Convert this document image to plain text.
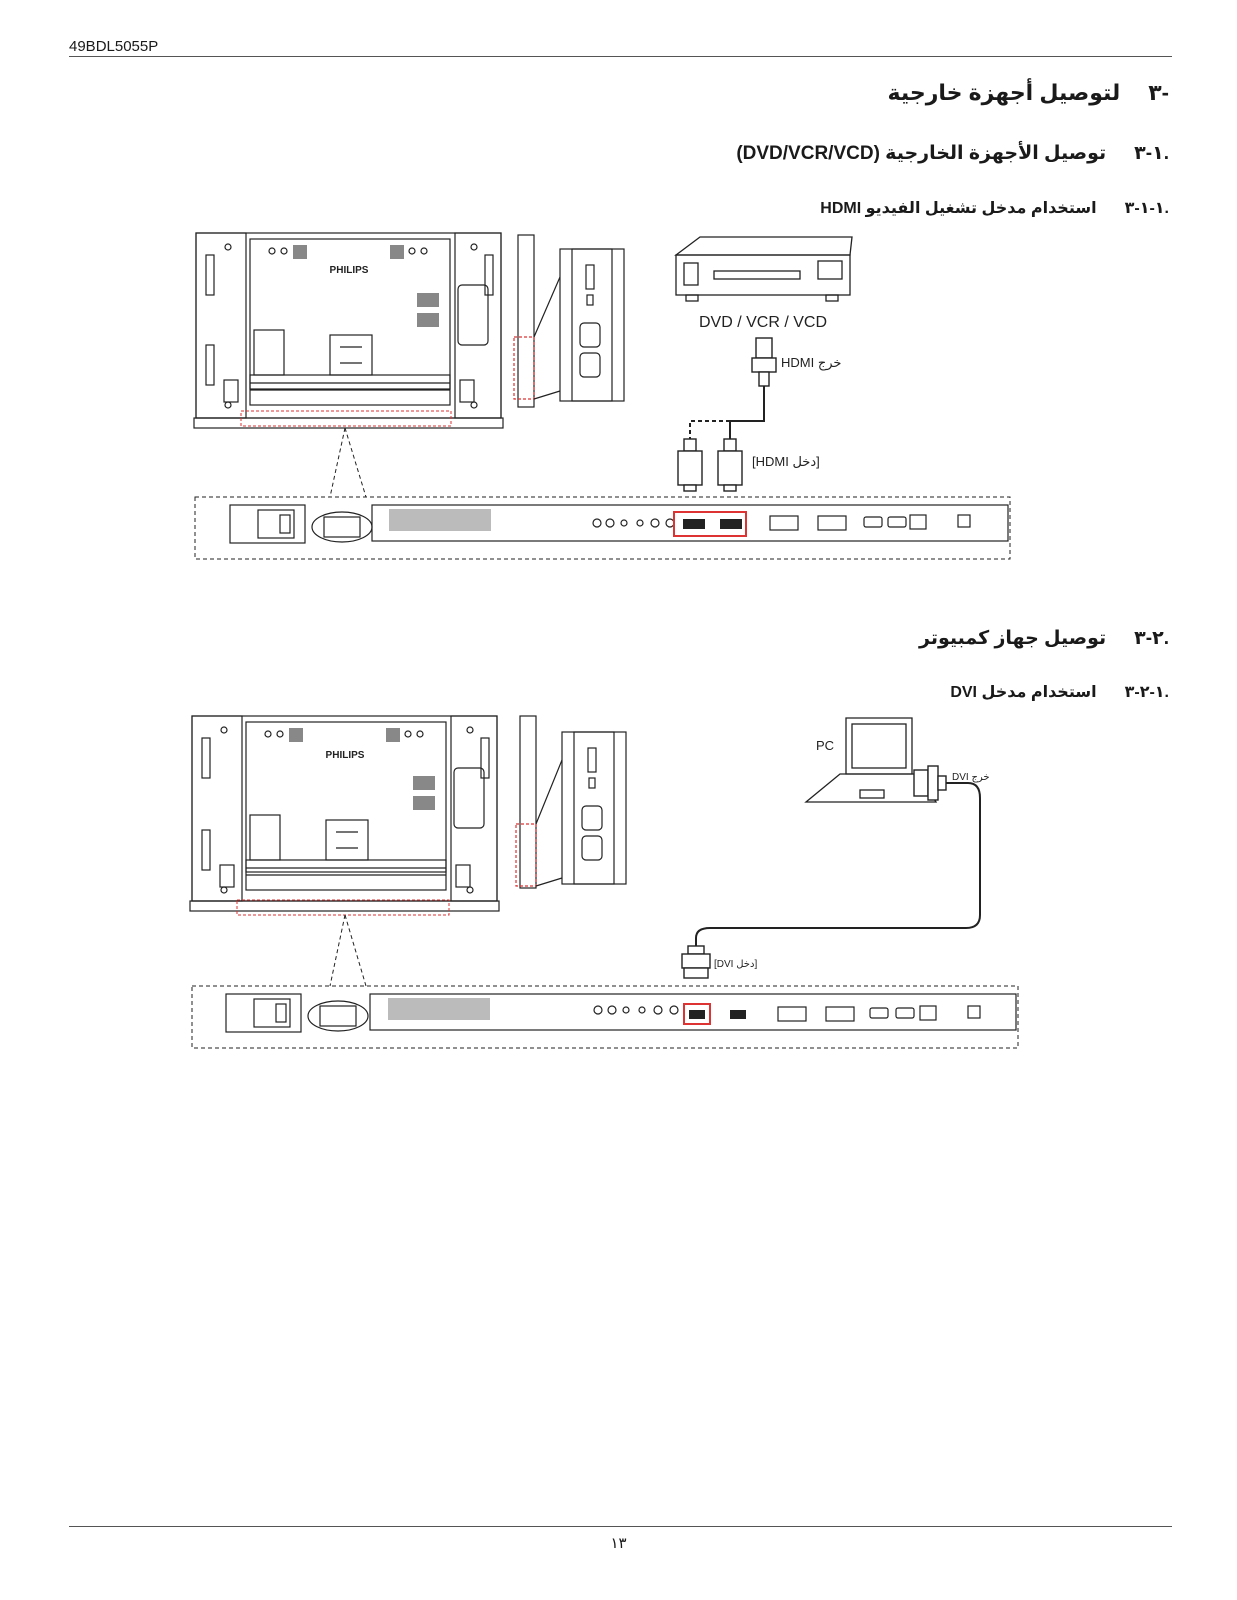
49BDL5055P
-٣لتوصيل أجهزة خارجية
.١-٣توصيل الأجهزة الخارجية (DVD/VCR/VCD)
.١-١-٣استخدام مدخل تشغيل الفيديو HDMI
PHILIPS
DVD / VCR / VCD
HDMI خرج
[HDMI دخل]
.٢-٣توصيل جهاز كمبيوتر
.١-٢-٣استخدام مدخل DVI
PHILIPS
PC
DVI خرج
[DVI دخل]
١٣
